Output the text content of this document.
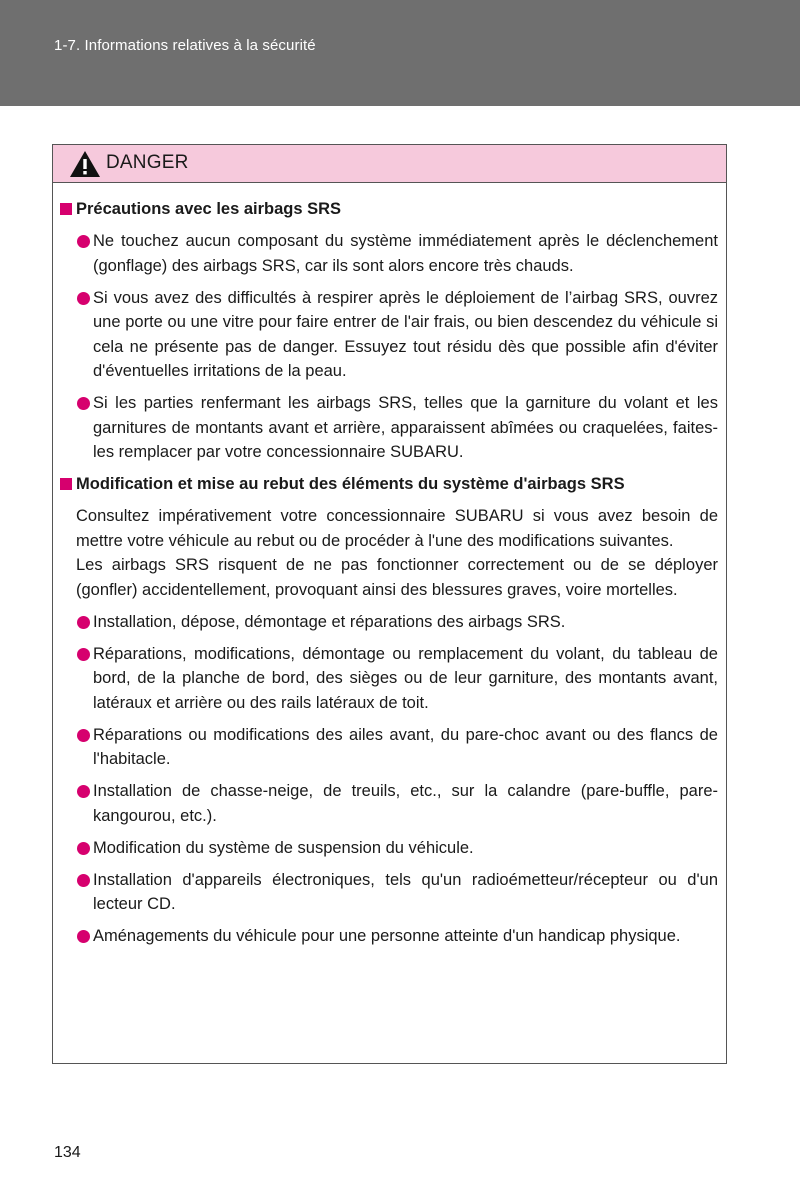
1-7. Informations relatives à la sécurité
DANGER
Précautions avec les airbags SRS
Ne touchez aucun composant du système immédiatement après le déclenchement (gonflage) des airbags SRS, car ils sont alors encore très chauds.
Si vous avez des difficultés à respirer après le déploiement de l’airbag SRS, ouvrez une porte ou une vitre pour faire entrer de l'air frais, ou bien descendez du véhicule si cela ne présente pas de danger. Essuyez tout résidu dès que possible afin d'éviter d'éventuelles irritations de la peau.
Si les parties renfermant les airbags SRS, telles que la garniture du volant et les garnitures de montants avant et arrière, apparaissent abîmées ou craquelées, faites-les remplacer par votre concessionnaire SUBARU.
Modification et mise au rebut des éléments du système d'airbags SRS
Consultez impérativement votre concessionnaire SUBARU si vous avez besoin de mettre votre véhicule au rebut ou de procéder à l'une des modifications suivantes.
Les airbags SRS risquent de ne pas fonctionner correctement ou de se déployer (gonfler) accidentellement, provoquant ainsi des blessures graves, voire mortelles.
Installation, dépose, démontage et réparations des airbags SRS.
Réparations, modifications, démontage ou remplacement du volant, du tableau de bord, de la planche de bord, des sièges ou de leur garniture, des montants avant, latéraux et arrière ou des rails latéraux de toit.
Réparations ou modifications des ailes avant, du pare-choc avant ou des flancs de l'habitacle.
Installation de chasse-neige, de treuils, etc., sur la calandre (pare-buffle, pare-kangourou, etc.).
Modification du système de suspension du véhicule.
Installation d'appareils électroniques, tels qu'un radioémetteur/récepteur ou d'un lecteur CD.
Aménagements du véhicule pour une personne atteinte d'un handicap physique.
134
